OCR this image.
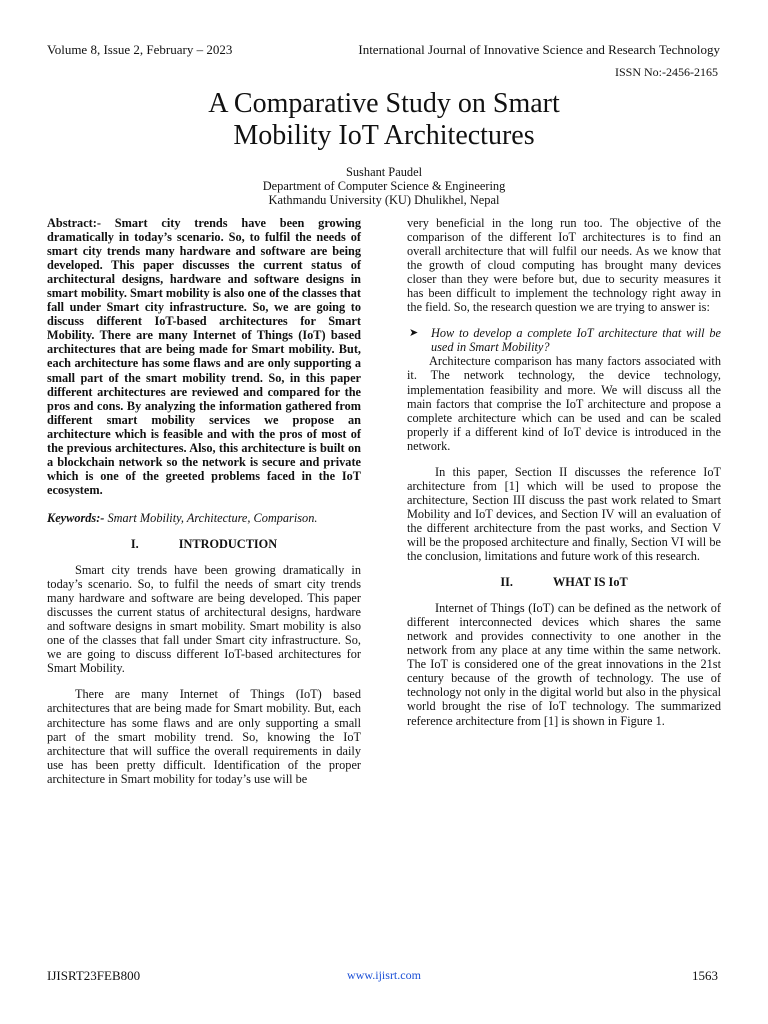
Volume 8, Issue 2, February – 2023	International Journal of Innovative Science and Research Technology
ISSN No:-2456-2165
A Comparative Study on Smart
Mobility IoT Architectures
Sushant Paudel
Department of Computer Science & Engineering
Kathmandu University (KU) Dhulikhel, Nepal

Abstract:- Smart city trends have been growing dramatically in today’s scenario. So, to fulfil the needs of smart city trends many hardware and software are being developed. This paper discusses the current status of architectural designs, hardware and software designs in smart mobility. Smart mobility is also one of the classes that fall under Smart city infrastructure. So, we are going to discuss different IoT-based architectures for Smart Mobility. There are many Internet of Things (IoT) based architectures that are being made for Smart mobility. But, each architecture has some flaws and are only supporting a small part of the smart mobility trend. So, in this paper different architectures are reviewed and compared for the pros and cons. By analyzing the information gathered from different smart mobility services we propose an architecture which is feasible and with the pros of most of the previous architectures. Also, this architecture is built on a blockchain network so the network is secure and private which is one of the greeted problems faced in the IoT ecosystem.

Keywords:- Smart Mobility, Architecture, Comparison.

I.	INTRODUCTION

Smart city trends have been growing dramatically in today’s scenario. So, to fulfil the needs of smart city trends many hardware and software are being developed. This paper discusses the current status of architectural designs, hardware and software designs in smart mobility. Smart mobility is also one of the classes that fall under Smart city infrastructure. So, we are going to discuss different IoT-based architectures for Smart Mobility.

There are many Internet of Things (IoT) based architectures that are being made for Smart mobility. But, each architecture has some flaws and are only supporting a small part of the smart mobility trend. So, knowing the IoT architecture that will suffice the overall requirements in daily use has been pretty difficult. Identification of the proper architecture in Smart mobility for today’s use will be

very beneficial in the long run too. The objective of the comparison of the different IoT architectures is to find an overall architecture that will fulfil our needs. As we know that the growth of cloud computing has brought many devices closer than they were before but, due to security measures it has been difficult to implement the technology right away in the field. So, the research question we are trying to answer is:

➤ How to develop a complete IoT architecture that will be used in Smart Mobility?

Architecture comparison has many factors associated with it. The network technology, the device technology, implementation feasibility and more. We will discuss all the main factors that comprise the IoT architecture and propose a complete architecture which can be used and can be scaled properly if a different kind of IoT device is introduced in the network.

In this paper, Section II discusses the reference IoT architecture from [1] which will be used to propose the architecture, Section III discuss the past work related to Smart Mobility and IoT devices, and Section IV will an evaluation of the different architecture from the past works, and Section V will be the proposed architecture and finally, Section VI will be the conclusion, limitations and future work of this research.

II.	WHAT IS IoT

Internet of Things (IoT) can be defined as the network of different interconnected devices which shares the same network and provides connectivity to one another in the network from any place at any time within the same network. The IoT is considered one of the great innovations in the 21st century because of the growth of technology. The use of technology not only in the digital world but also in the physical world brought the rise of IoT technology. The summarized reference architecture from [1] is shown in Figure 1.

IJISRT23FEB800	www.ijisrt.com	1563
